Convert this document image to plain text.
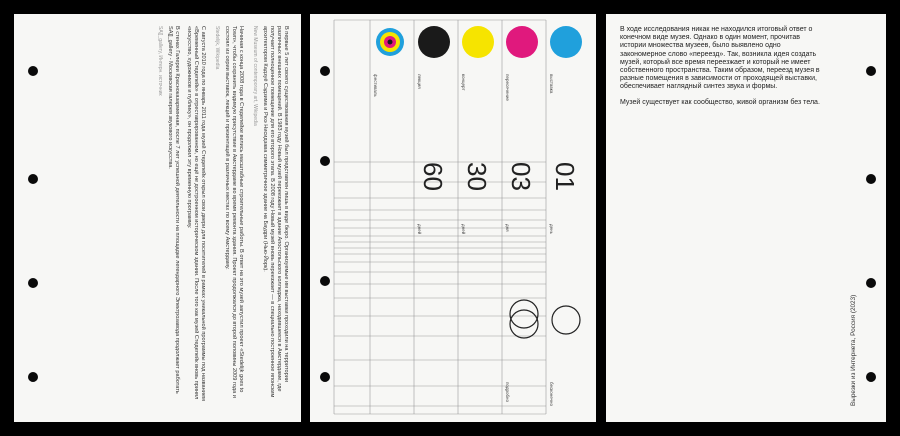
В первые 5 лет своего существования музей был представлен лишь в виде бюро. Организуемые им выставки проходили на территории различных внешних помещений. В 1983 году Новый музей переезжает в здание Апостольского колледжа, находившееся в Амстердаме, где получает полноценное помещение для его второго этапа. В 2008 году Новый музей вновь переезжает — в специально построенное японским архитектором Кадзуё Сэдзима и Рюэ Нисидзава симметричное здание на Баудри (Нью-Йорк).

New Museum of contemporary art, Wikipedia

Начиная с конца 2008 года в Стеделейке велись масштабные строительные работы. В ответ на это музей запустил проект «Stedelijk goes to Town», чтобы сохранить видимую присутствие в Амстердаме во время ремонта здания. Проект продолжался до второй половины 2009 года и состоял из серии выставок, лекций и презентаций в различных местах по всему Амстердаму.

Stedelijk, Wikipedia

С августа 2010 года по январь 2011 года музей Стеделейк открыл свои двери для посетителей в рамках уникальной программы под названием «Временный Стеделейк» в отреставрированном, но ещё не достроенном историческом здании. После того как музей Стеделейк вновь принял «искусство, художников и публику», он продолжил эту временную программу.

В стенах Галереи Красноказарменная, после 7 лет успешной деятельности на площадке легендарного Электрозавода продолжает работать SA]]_gallery - Московская галерея звукового искусства.

SA]]_gallery, Интерн. источник	выставка
пересечение
концерт
лекция
фестиваль
01
03
30
60
день
дня
дней
дней
бесконечно
подробно

В ходе исследования никак не находился итоговый ответ о конечном виде музея. Однако в один момент, прочитав истории множества музеев, было выявлено одно закономерное слово «переезд». Так, возникла идея создать музей, который все время переезжает и который не имеет собственного пространства. Таким образом, переезд музея в разные помещения в зависимости от проходящей выставки, обеспечивает наглядный синтез звука и формы.

Музей существует как сообщество, живой организм без тела.

Вырезки из Интернета, Россия (2023)
